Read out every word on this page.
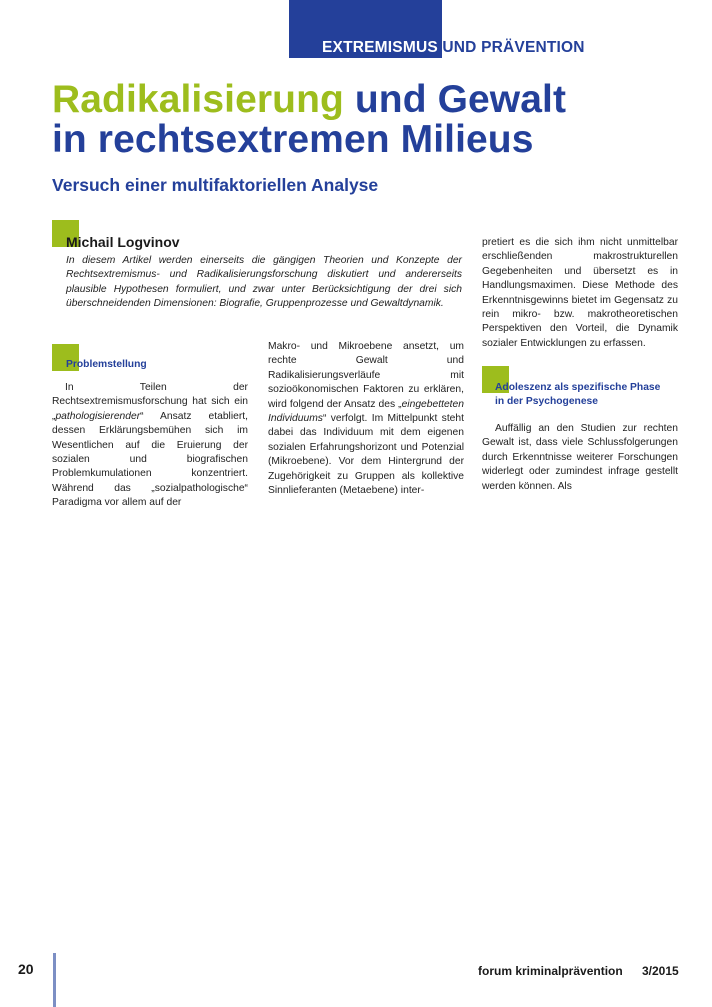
EXTREMISMUS UND PRÄVENTION
Radikalisierung und Gewalt
in rechtsextremen Milieus
Versuch einer multifaktoriellen Analyse
Michail Logvinov

In diesem Artikel werden einerseits die gängigen Theorien und Konzepte der Rechtsextremismus- und Radikalisierungsforschung diskutiert und andererseits plausible Hypothesen formuliert, und zwar unter Berücksichtigung der drei sich überschneidenden Dimensionen: Biografie, Gruppenprozesse und Gewaltdynamik.

Problemstellung

In Teilen der Rechtsextremismusforschung hat sich ein „pathologisierender“ Ansatz etabliert, dessen Erklärungsbemühen sich im Wesentlichen auf die Eruierung der sozialen und biografischen Problemkumulationen konzentriert. Während das „sozialpathologische“ Paradigma vor allem auf der

Makro- und Mikroebene ansetzt, um rechte Gewalt und Radikalisierungsverläufe mit sozioökonomischen Faktoren zu erklären, wird folgend der Ansatz des „eingebetteten Individuums“ verfolgt. Im Mittelpunkt steht dabei das Individuum mit dem eigenen sozialen Erfahrungshorizont und Potenzial (Mikroebene). Vor dem Hintergrund der Zugehörigkeit zu Gruppen als kollektive Sinnlieferanten (Metaebene) inter-

pretiert es die sich ihm nicht unmittelbar erschließenden makrostrukturellen Gegebenheiten und übersetzt es in Handlungsmaximen. Diese Methode des Erkenntnisgewinns bietet im Gegensatz zu rein mikro- bzw. makrotheoretischen Perspektiven den Vorteil, die Dynamik sozialer Entwicklungen zu erfassen.

Adoleszenz als spezifische Phase
in der Psychogenese

Auffällig an den Studien zur rechten Gewalt ist, dass viele Schlussfolgerungen durch Erkenntnisse weiterer Forschungen widerlegt oder zumindest infrage gestellt werden können. Als

20	forum kriminalprävention 3/2015
